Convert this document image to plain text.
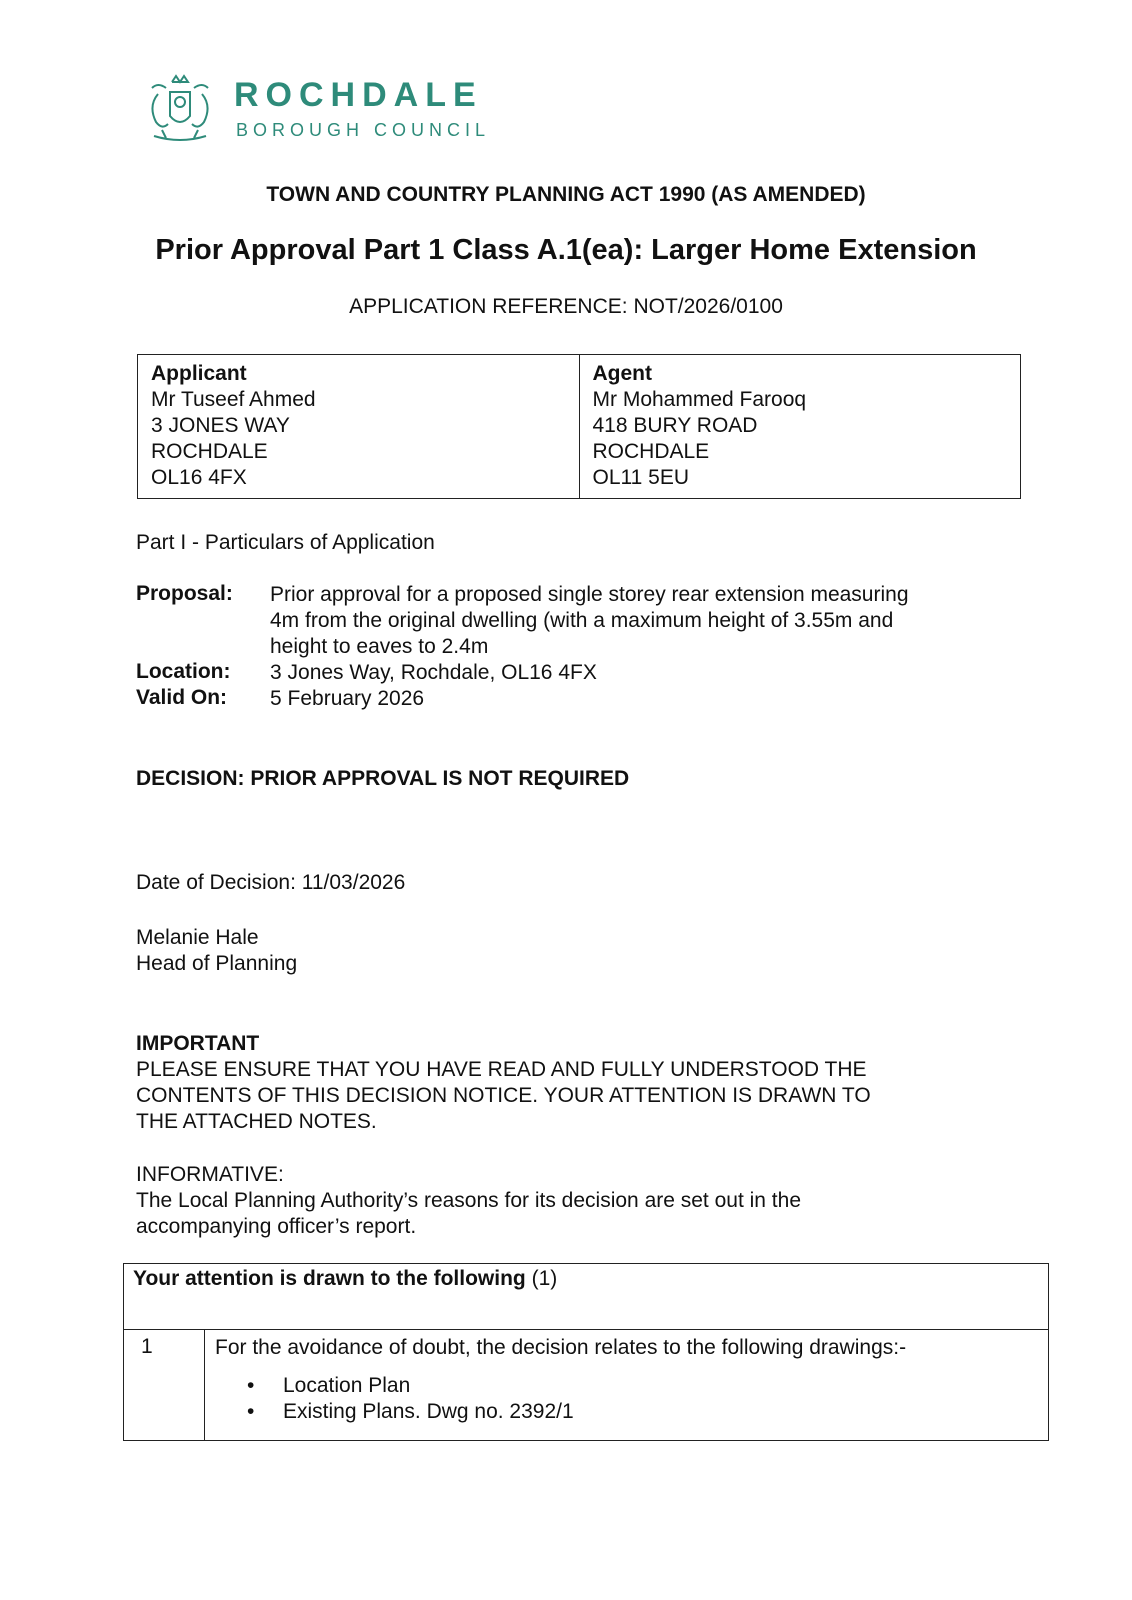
ROCHDALE
BOROUGH COUNCIL
TOWN AND COUNTRY PLANNING ACT 1990 (AS AMENDED)
Prior Approval Part 1 Class A.1(ea): Larger Home Extension
APPLICATION REFERENCE: NOT/2026/0100
Applicant
Mr Tuseef Ahmed
3 JONES WAY
ROCHDALE
OL16 4FX
Agent
Mr Mohammed Farooq
418 BURY ROAD
ROCHDALE
OL11 5EU
Part I - Particulars of Application
Proposal: Prior approval for a proposed single storey rear extension measuring
4m from the original dwelling (with a maximum height of 3.55m and
height to eaves to 2.4m
Location: 3 Jones Way, Rochdale, OL16 4FX
Valid On: 5 February 2026
DECISION: PRIOR APPROVAL IS NOT REQUIRED
Date of Decision: 11/03/2026
Melanie Hale
Head of Planning
IMPORTANT
PLEASE ENSURE THAT YOU HAVE READ AND FULLY UNDERSTOOD THE
CONTENTS OF THIS DECISION NOTICE. YOUR ATTENTION IS DRAWN TO
THE ATTACHED NOTES.
INFORMATIVE:
The Local Planning Authority’s reasons for its decision are set out in the
accompanying officer’s report.
Your attention is drawn to the following (1)
1	For the avoidance of doubt, the decision relates to the following drawings:-
• Location Plan
• Existing Plans. Dwg no. 2392/1
